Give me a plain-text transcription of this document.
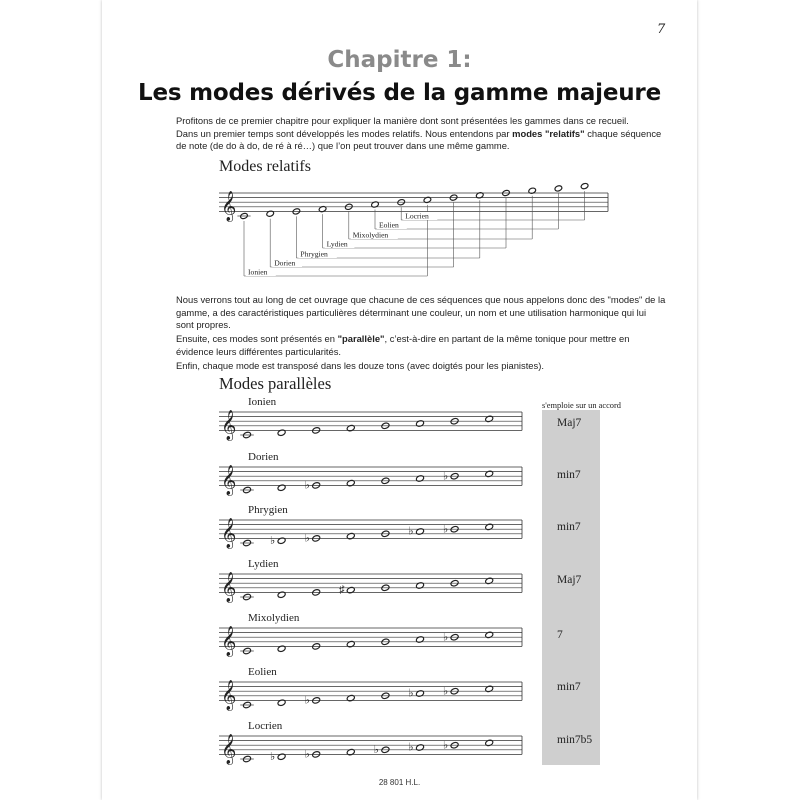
7
Chapitre 1:
Les modes dérivés de la gamme majeure

Profitons de ce premier chapitre pour expliquer la manière dont sont présentées les gammes dans ce recueil.
Dans un premier temps sont développés les modes relatifs. Nous entendons par modes "relatifs" chaque séquence de note (de do à do, de ré à ré…) que l’on peut trouver dans une même gamme.

Modes relatifs
𝄞
Ionien
Dorien
Phrygien
Lydien
Mixolydien
Eolien
Locrien

Nous verrons tout au long de cet ouvrage que chacune de ces séquences que nous appelons donc des "modes" de la gamme, a des caractéristiques particulières déterminant une couleur, un nom et une utilisation harmonique qui lui sont propres.

Ensuite, ces modes sont présentés en "parallèle", c’est-à-dire en partant de la même tonique pour mettre en évidence leurs différentes particularités.

Enfin, chaque mode est transposé dans les douze tons (avec doigtés pour les pianistes).

Modes parallèles
s'emploie sur un accord
𝄞
Ionien
Maj7
𝄞
Dorien
♭
♭	min7
𝄞
Phrygien
♭	♭
♭	♭	min7
𝄞
Lydien
♯
Maj7
𝄞
Mixolydien
♭	7
𝄞
Eolien
♭
♭	♭	min7
𝄞
Locrien
♭	♭	♭	♭	♭	min7b5
28 801 H.L.
